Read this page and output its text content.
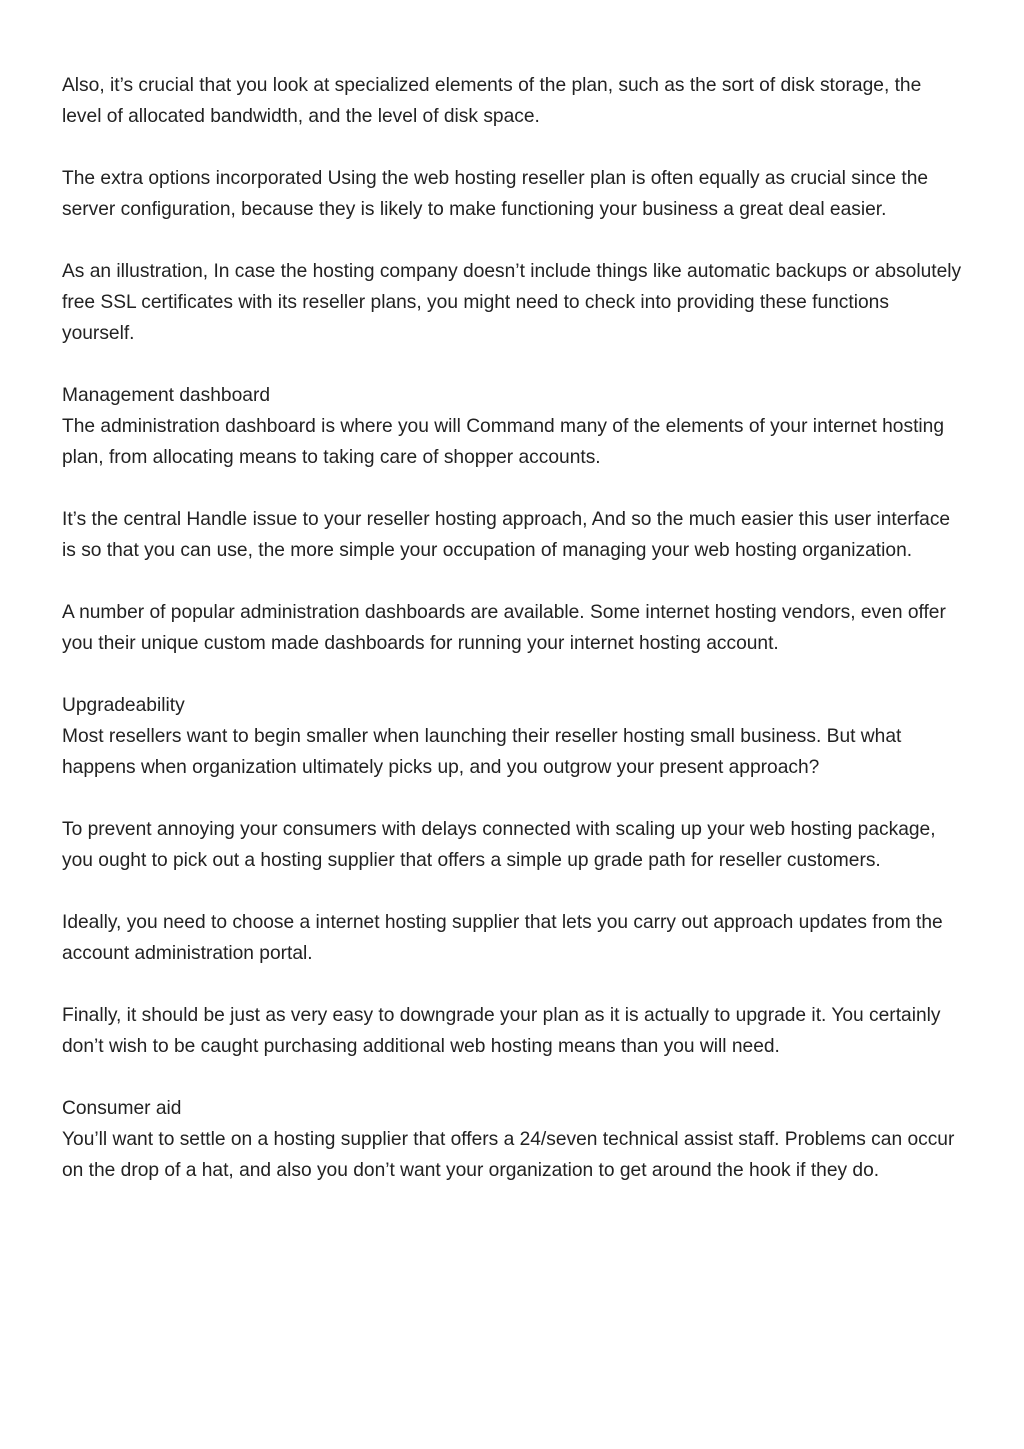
Also, it’s crucial that you look at specialized elements of the plan, such as the sort of disk storage, the level of allocated bandwidth, and the level of disk space.

The extra options incorporated Using the web hosting reseller plan is often equally as crucial since the server configuration, because they is likely to make functioning your business a great deal easier.

As an illustration, In case the hosting company doesn’t include things like automatic backups or absolutely free SSL certificates with its reseller plans, you might need to check into providing these functions yourself.

Management dashboard
The administration dashboard is where you will Command many of the elements of your internet hosting plan, from allocating means to taking care of shopper accounts.

It’s the central Handle issue to your reseller hosting approach, And so the much easier this user interface is so that you can use, the more simple your occupation of managing your web hosting organization.

A number of popular administration dashboards are available. Some internet hosting vendors, even offer you their unique custom made dashboards for running your internet hosting account.

Upgradeability
Most resellers want to begin smaller when launching their reseller hosting small business. But what happens when organization ultimately picks up, and you outgrow your present approach?

To prevent annoying your consumers with delays connected with scaling up your web hosting package, you ought to pick out a hosting supplier that offers a simple up grade path for reseller customers.

Ideally, you need to choose a internet hosting supplier that lets you carry out approach updates from the account administration portal.

Finally, it should be just as very easy to downgrade your plan as it is actually to upgrade it. You certainly don’t wish to be caught purchasing additional web hosting means than you will need.

Consumer aid
You’ll want to settle on a hosting supplier that offers a 24/seven technical assist staff. Problems can occur on the drop of a hat, and also you don’t want your organization to get around the hook if they do.
